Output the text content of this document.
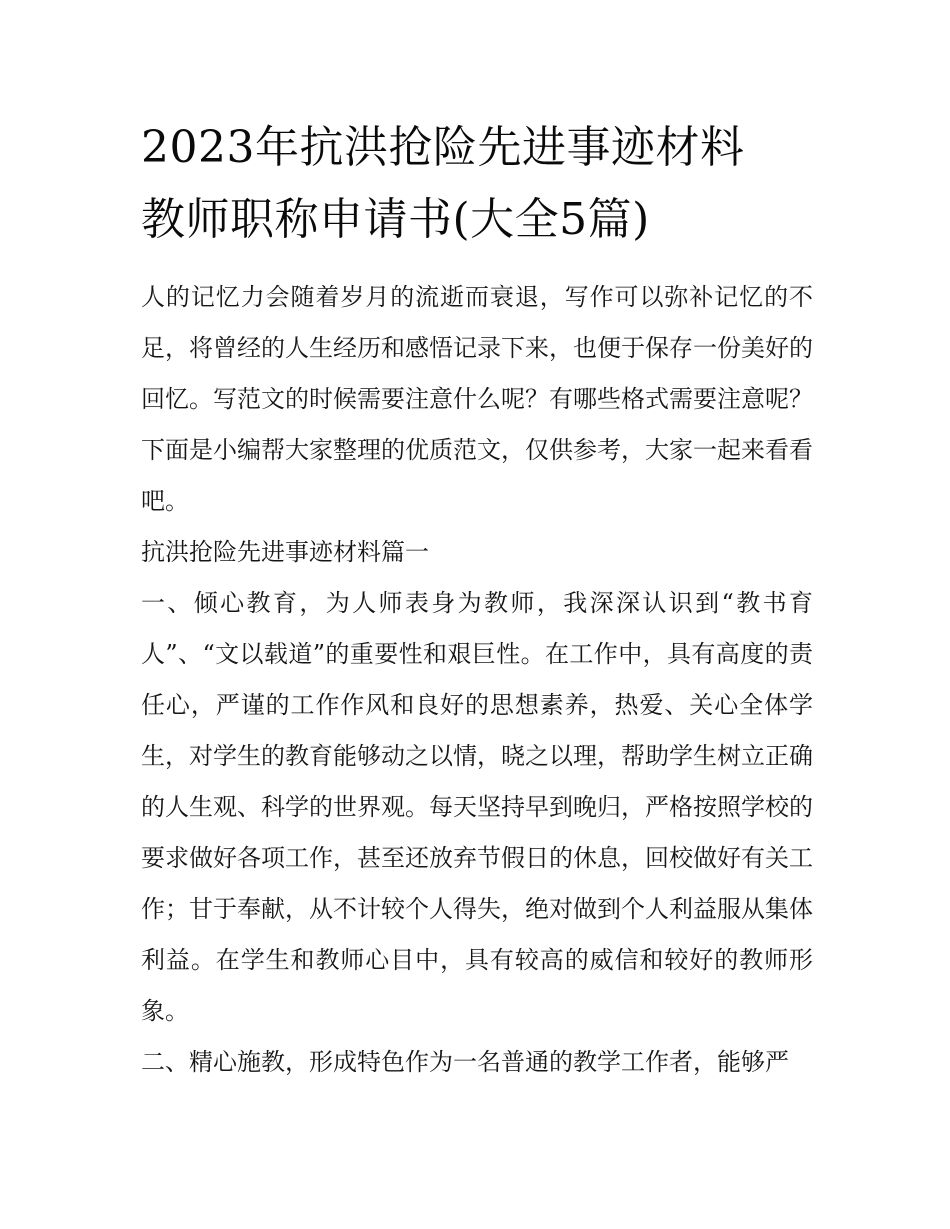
2023年抗洪抢险先进事迹材料
教师职称申请书(大全5篇)

人的记忆力会随着岁月的流逝而衰退，写作可以弥补记忆的不足，将曾经的人生经历和感悟记录下来，也便于保存一份美好的回忆。写范文的时候需要注意什么呢？有哪些格式需要注意呢？下面是小编帮大家整理的优质范文，仅供参考，大家一起来看看吧。

抗洪抢险先进事迹材料篇一

一、倾心教育，为人师表身为教师，我深深认识到“教书育人”、“文以载道”的重要性和艰巨性。在工作中，具有高度的责任心，严谨的工作作风和良好的思想素养，热爱、关心全体学生，对学生的教育能够动之以情，晓之以理，帮助学生树立正确的人生观、科学的世界观。每天坚持早到晚归，严格按照学校的要求做好各项工作，甚至还放弃节假日的休息，回校做好有关工作；甘于奉献，从不计较个人得失，绝对做到个人利益服从集体利益。在学生和教师心目中，具有较高的威信和较好的教师形象。

二、精心施教，形成特色作为一名普通的教学工作者，能够严
